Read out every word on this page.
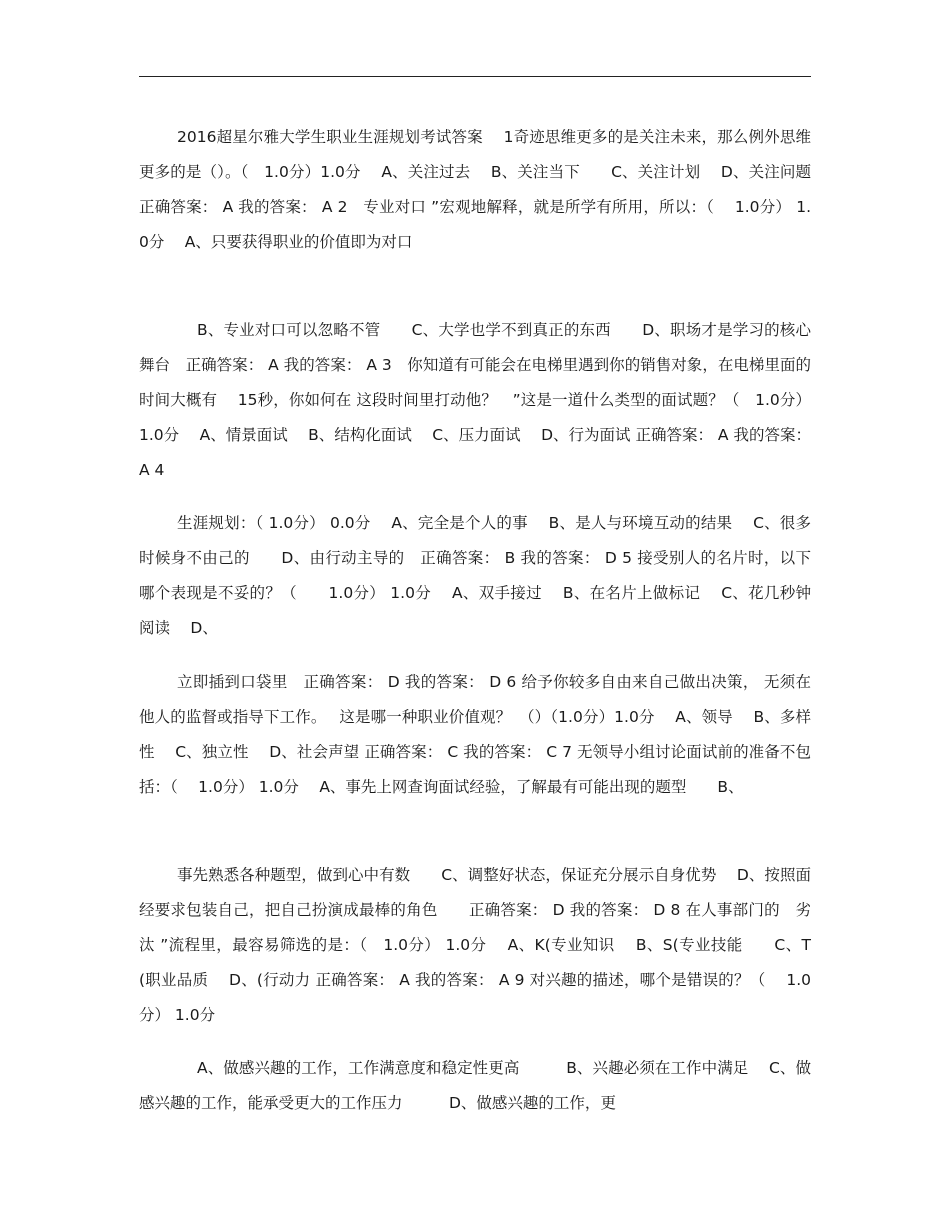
2016超星尔雅大学生职业生涯规划考试答案　 1奇迹思维更多的是关注未来，那么例外思维更多的是（）。（　1.0分）1.0分　 A、关注过去　 B、关注当下　　C、关注计划　 D、关注问题　正确答案： A 我的答案： A 2　专业对口 ”宏观地解释，就是所学有所用，所以：（　 1.0分） 1.0分　 A、只要获得职业的价值即为对口

B、专业对口可以忽略不管　　C、大学也学不到真正的东西　　D、职场才是学习的核心舞台　正确答案： A 我的答案： A 3　你知道有可能会在电梯里遇到你的销售对象，在电梯里面的时间大概有　 15秒，你如何在 这段时间里打动他？　”这是一道什么类型的面试题？（　1.0分） 1.0分　 A、情景面试　 B、结构化面试　 C、压力面试　 D、行为面试 正确答案： A 我的答案： A 4

生涯规划：（ 1.0分） 0.0分　 A、完全是个人的事　 B、是人与环境互动的结果　 C、很多时候身不由己的　　D、由行动主导的　正确答案： B 我的答案： D 5 接受别人的名片时，以下哪个表现是不妥的？（　　1.0分） 1.0分　 A、双手接过　 B、在名片上做标记　 C、花几秒钟阅读　 D、

立即插到口袋里　正确答案： D 我的答案： D 6 给予你较多自由来自己做出决策， 无须在他人的监督或指导下工作。　 这是哪一种职业价值观？　（）（1.0分）1.0分　 A、领导　 B、多样性　 C、独立性　 D、社会声望 正确答案： C 我的答案： C 7 无领导小组讨论面试前的准备不包括：（　 1.0分） 1.0分　 A、事先上网查询面试经验，了解最有可能出现的题型　　B、

事先熟悉各种题型，做到心中有数　　C、调整好状态，保证充分展示自身优势　 D、按照面经要求包装自己，把自己扮演成最棒的角色　　正确答案： D 我的答案： D 8 在人事部门的　劣汰 ”流程里，最容易筛选的是：（　1.0分） 1.0分　 A、K(专业知识　 B、S(专业技能　　C、T(职业品质　 D、(行动力 正确答案： A 我的答案： A 9 对兴趣的描述，哪个是错误的？（　 1.0分） 1.0分

A、做感兴趣的工作，工作满意度和稳定性更高　　　B、兴趣必须在工作中满足　 C、做感兴趣的工作，能承受更大的工作压力　　　D、做感兴趣的工作，更
